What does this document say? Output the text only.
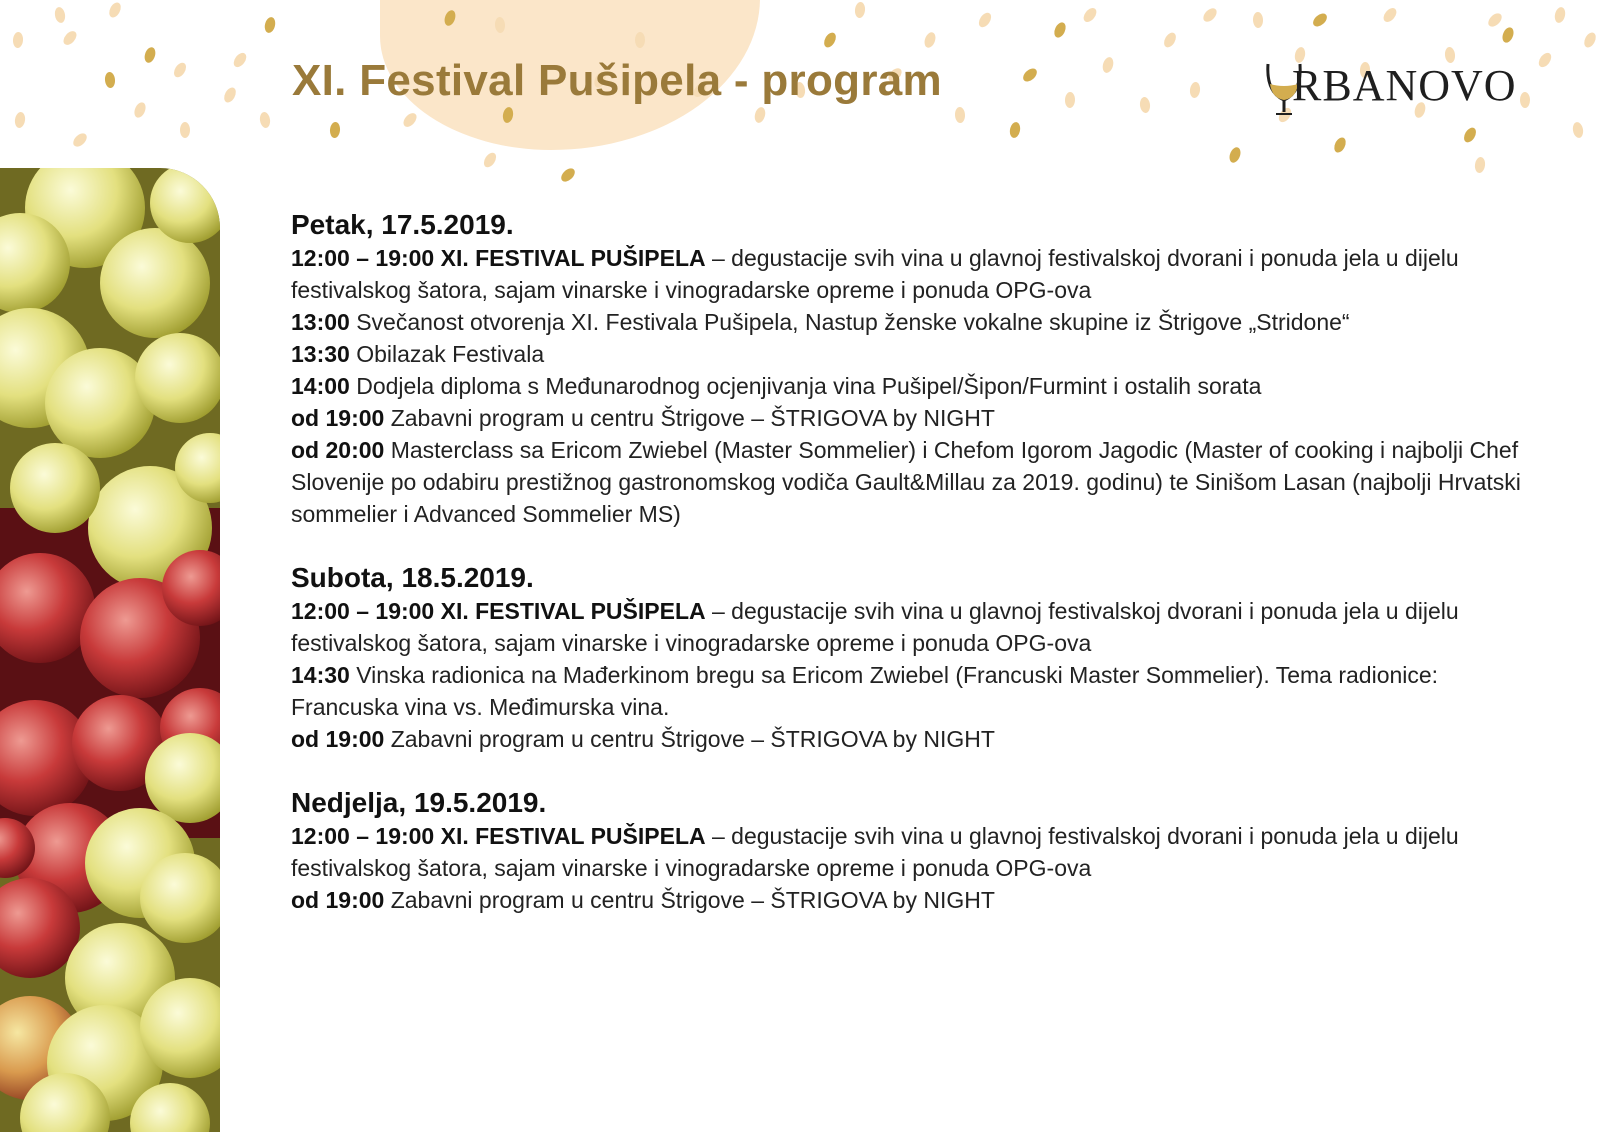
XI. Festival Pušipela - program	RBANOVO
Petak, 17.5.2019.

12:00 – 19:00 XI. FESTIVAL PUŠIPELA – degustacije svih vina u glavnoj festivalskoj dvorani i ponuda jela u dijelu festivalskog šatora, sajam vinarske i vinogradarske opreme i ponuda OPG-ova

13:00 Svečanost otvorenja XI. Festivala Pušipela, Nastup ženske vokalne skupine iz Štrigove „Stridone“

13:30 Obilazak Festivala

14:00 Dodjela diploma s Međunarodnog ocjenjivanja vina Pušipel/Šipon/Furmint i ostalih sorata

od 19:00 Zabavni program u centru Štrigove – ŠTRIGOVA by NIGHT

od 20:00 Masterclass sa Ericom Zwiebel (Master Sommelier) i Chefom Igorom Jagodic (Master of cooking i najbolji Chef Slovenije po odabiru prestižnog gastronomskog vodiča Gault&Millau za 2019. godinu) te Sinišom Lasan (najbolji Hrvatski sommelier i Advanced Sommelier MS)

Subota, 18.5.2019.

12:00 – 19:00 XI. FESTIVAL PUŠIPELA – degustacije svih vina u glavnoj festivalskoj dvorani i ponuda jela u dijelu festivalskog šatora, sajam vinarske i vinogradarske opreme i ponuda OPG-ova

14:30 Vinska radionica na Mađerkinom bregu sa Ericom Zwiebel (Francuski Master Sommelier). Tema radionice: Francuska vina vs. Međimurska vina.

od 19:00 Zabavni program u centru Štrigove – ŠTRIGOVA by NIGHT

Nedjelja, 19.5.2019.

12:00 – 19:00 XI. FESTIVAL PUŠIPELA – degustacije svih vina u glavnoj festivalskoj dvorani i ponuda jela u dijelu festivalskog šatora, sajam vinarske i vinogradarske opreme i ponuda OPG-ova

od 19:00 Zabavni program u centru Štrigove – ŠTRIGOVA by NIGHT
